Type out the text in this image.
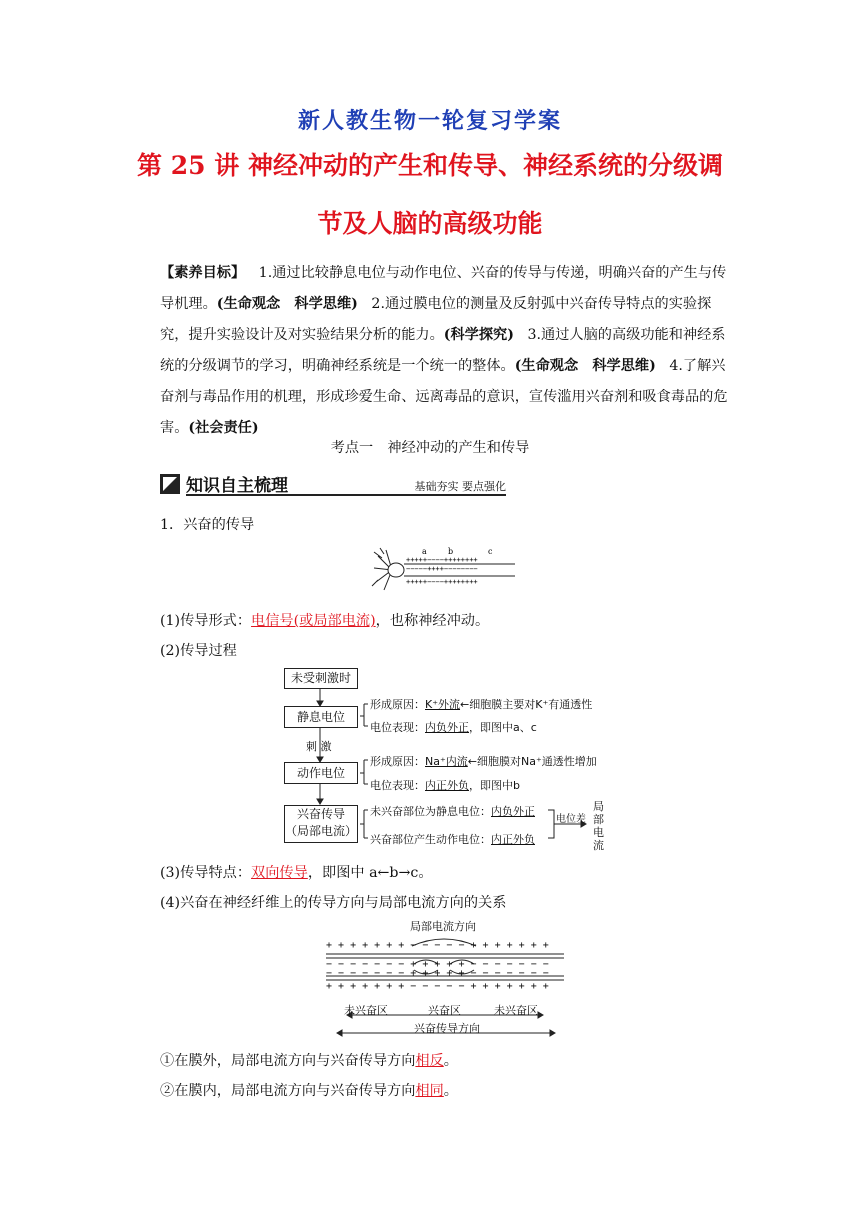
新人教生物一轮复习学案
第 25 讲 神经冲动的产生和传导、神经系统的分级调
节及人脑的高级功能
【素养目标】 1.通过比较静息电位与动作电位、兴奋的传导与传递，明确兴奋的产生与传导机理。(生命观念　科学思维) 2.通过膜电位的测量及反射弧中兴奋传导特点的实验探究，提升实验设计及对实验结果分析的能力。(科学探究) 3.通过人脑的高级功能和神经系统的分级调节的学习，明确神经系统是一个统一的整体。(生命观念　科学思维) 4.了解兴奋剂与毒品作用的机理，形成珍爱生命、远离毒品的意识，宣传滥用兴奋剂和吸食毒品的危害。(社会责任)
考点一　神经冲动的产生和传导
知识自主梳理	基础夯实 要点强化
1．兴奋的传导
+++++−−−−++++++++
−−−−−++++−−−−−−−−
+++++−−−−++++++++
a	b	c
(1)传导形式：电信号(或局部电流)，也称神经冲动。
(2)传导过程
未受刺激时
静息电位
刺 激
动作电位
兴奋传导
（局部电流）
形成原因：K⁺外流←细胞膜主要对K⁺有通透性
电位表现：内负外正，即图中a、c
形成原因：Na⁺内流←细胞膜对Na⁺通透性增加
电位表现：内正外负，即图中b
未兴奋部位为静息电位：内负外正
兴奋部位产生动作电位：内正外负
电位差
局
部
电
流
(3)传导特点：双向传导，即图中 a←b→c。
(4)兴奋在神经纤维上的传导方向与局部电流方向的关系
局部电流方向
+ + + + + + + − − − − − + + + + + + +
− − − − − − − + + + + + − − − − − − −
− − − − − − − + + + + + − − − − − − −
+ + + + + + + − − − − − + + + + + + +
未兴奋区	兴奋区	未兴奋区
兴奋传导方向
①在膜外，局部电流方向与兴奋传导方向相反。
②在膜内，局部电流方向与兴奋传导方向相同。
